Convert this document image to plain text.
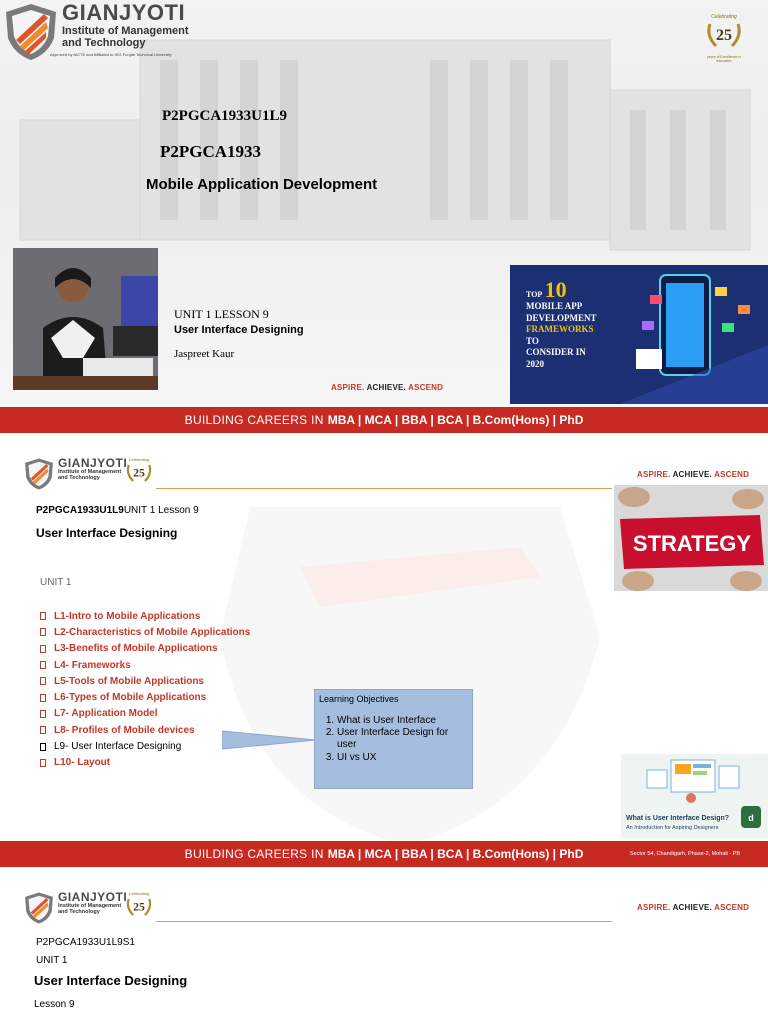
GIANJYOTI
Institute of Management
and Technology
Approved by AICTE and Affiliated to IKG Punjab Technical University
Celebrating
25
years of Excellence in education
P2PGCA1933U1L9
P2PGCA1933
Mobile Application Development
UNIT 1 LESSON 9
User Interface Designing
Jaspreet Kaur
ASPIRE. ACHIEVE. ASCEND
TOP 10
MOBILE APP
DEVELOPMENT
FRAMEWORKS
TO
CONSIDER IN
2020
BUILDING CAREERS IN MBA | MCA | BBA | BCA | B.Com(Hons) | PhD
GIANJYOTI
Institute of Management
and Technology
Celebrating
25	ASPIRE. ACHIEVE. ASCEND
P2PGCA1933U1L9UNIT 1 Lesson 9
User Interface Designing
UNIT 1
L1-Intro to Mobile Applications
L2-Characteristics of Mobile Applications
L3-Benefits of Mobile Applications
L4- Frameworks
L5-Tools of Mobile Applications
L6-Types of Mobile Applications
L7- Application Model
L8- Profiles of Mobile devices
L9- User Interface Designing
L10- Layout
Learning Objectives
1. What is User Interface
2. User Interface Design for user
3. UI vs UX
STRATEGY
d
What is User Interface Design?
An Introduction for Aspiring Designers
BUILDING CAREERS IN MBA | MCA | BBA | BCA | B.Com(Hons) | PhD	Sector 54, Chandigarh, Phase-2, Mohali - PB
GIANJYOTI
Institute of Management
and Technology
Celebrating
25	ASPIRE. ACHIEVE. ASCEND
P2PGCA1933U1L9S1
UNIT 1
User Interface Designing
Lesson 9
